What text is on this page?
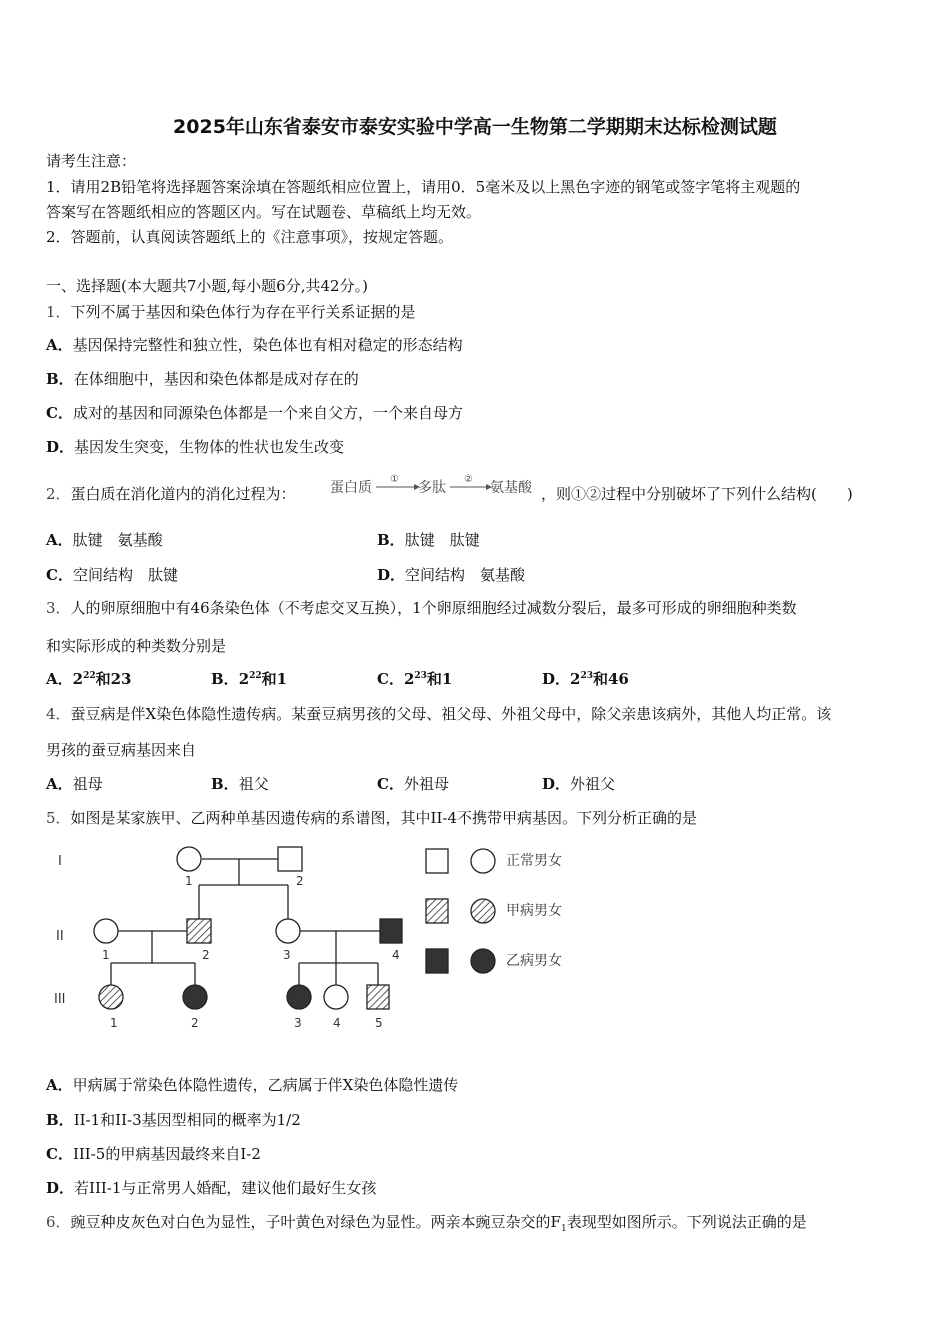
2025年山东省泰安市泰安实验中学高一生物第二学期期末达标检测试题
请考生注意：
1．请用2B铅笔将选择题答案涂填在答题纸相应位置上，请用0．5毫米及以上黑色字迹的钢笔或签字笔将主观题的
答案写在答题纸相应的答题区内。写在试题卷、草稿纸上均无效。
2．答题前，认真阅读答题纸上的《注意事项》，按规定答题。
一、选择题(本大题共7小题,每小题6分,共42分。)
1．下列不属于基因和染色体行为存在平行关系证据的是
A．基因保持完整性和独立性，染色体也有相对稳定的形态结构
B．在体细胞中，基因和染色体都是成对存在的
C．成对的基因和同源染色体都是一个来自父方，一个来自母方
D．基因发生突变，生物体的性状也发生改变
2．蛋白质在消化道内的消化过程为： 蛋白质
①
多肽
②
氨基酸 ，则①②过程中分别破坏了下列什么结构(　　)
A．肽键　氨基酸	B．肽键　肽键
C．空间结构　肽键	D．空间结构　氨基酸
3．人的卵原细胞中有46条染色体（不考虑交叉互换），1个卵原细胞经过减数分裂后，最多可形成的卵细胞种类数
和实际形成的种类数分别是
A．$2^{22}$和23	B．$2^{22}$和1	C．$2^{23}$和1	D．$2^{23}$和46
4．蚕豆病是伴X染色体隐性遗传病。某蚕豆病男孩的父母、祖父母、外祖父母中，除父亲患该病外，其他人均正常。该
男孩的蚕豆病基因来自
A．祖母	B．祖父	C．外祖母	D．外祖父
5．如图是某家族甲、乙两种单基因遗传病的系谱图，其中II-4不携带甲病基因。下列分析正确的是
I
II
III
1	2
1	2	3	4
1	2	3	4	5
正常男女
甲病男女
乙病男女
A．甲病属于常染色体隐性遗传，乙病属于伴X染色体隐性遗传
B．II-1和II-3基因型相同的概率为1/2
C．III-5的甲病基因最终来自I-2
D．若III-1与正常男人婚配，建议他们最好生女孩
6．豌豆种皮灰色对白色为显性，子叶黄色对绿色为显性。两亲本豌豆杂交的$F_1$表现型如图所示。下列说法正确的是
